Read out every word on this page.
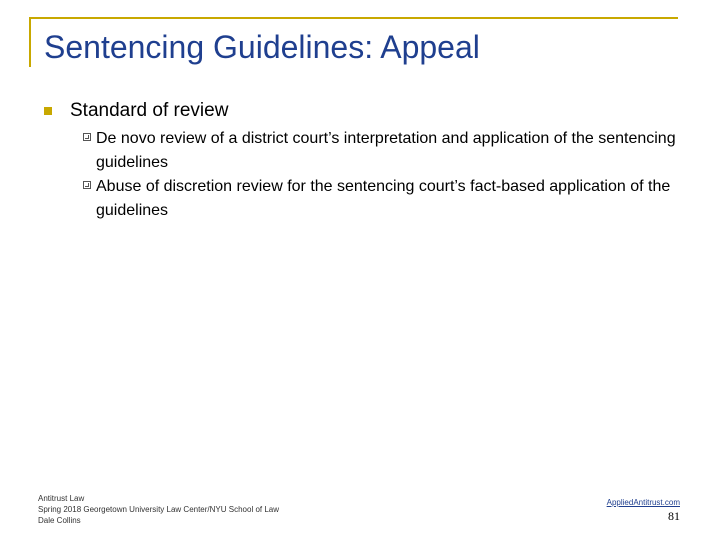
Sentencing Guidelines: Appeal
Standard of review
De novo review of a district court’s interpretation and application of the sentencing guidelines
Abuse of discretion review for the sentencing court’s fact-based application of the guidelines
Antitrust Law
Spring 2018 Georgetown University Law Center/NYU School of Law
Dale Collins
AppliedAntitrust.com
81
